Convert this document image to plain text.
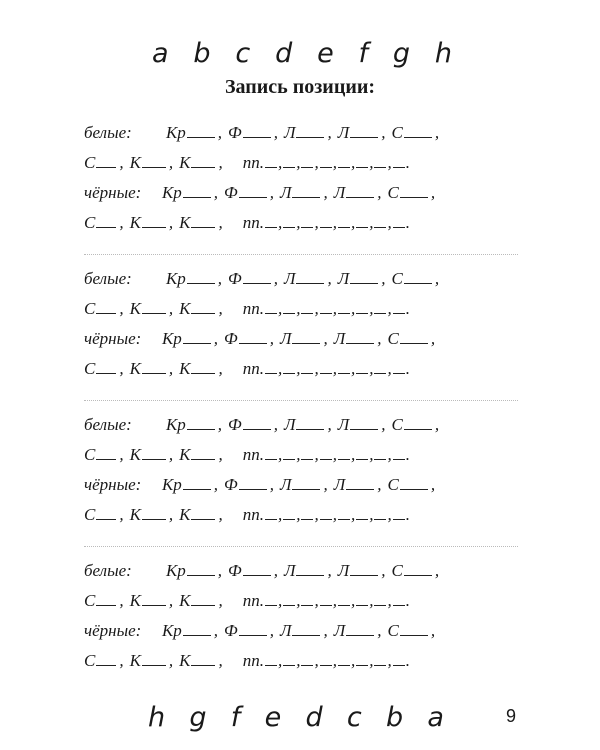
a b c d e f g h
Запись позиции:
белые: Кр , Ф , Л , Л , С ,
С , К , К , пп. , , , , , , , .
чёрные: Кр , Ф , Л , Л , С ,
С , К , К , пп. , , , , , , , .
белые: Кр , Ф , Л , Л , С ,
С , К , К , пп. , , , , , , , .
чёрные: Кр , Ф , Л , Л , С ,
С , К , К , пп. , , , , , , , .
белые: Кр , Ф , Л , Л , С ,
С , К , К , пп. , , , , , , , .
чёрные: Кр , Ф , Л , Л , С ,
С , К , К , пп. , , , , , , , .
белые: Кр , Ф , Л , Л , С ,
С , К , К , пп. , , , , , , , .
чёрные: Кр , Ф , Л , Л , С ,
С , К , К , пп. , , , , , , , .
h g f e d c b a	9
